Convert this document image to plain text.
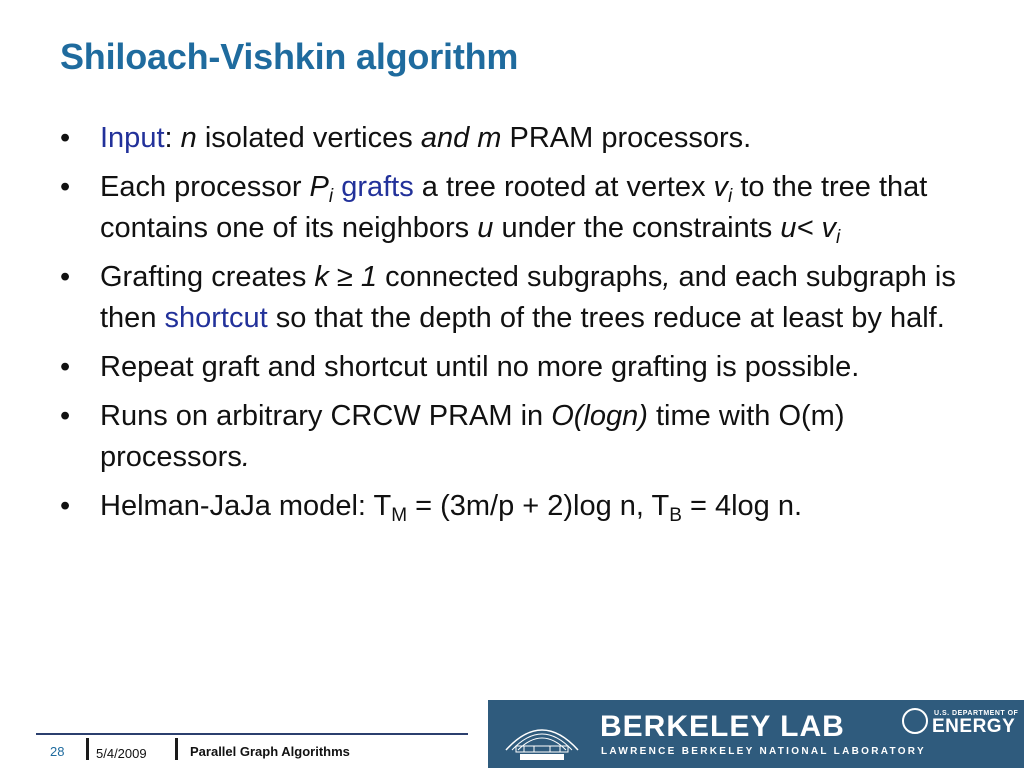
Shiloach-Vishkin algorithm
• Input: n isolated vertices and m PRAM processors.
• Each processor $P_i$ grafts a tree rooted at vertex $v_i$ to the tree that contains one of its neighbors u under the constraints $u< v_i$
• Grafting creates k ≥ 1 connected subgraphs, and each subgraph is then shortcut so that the depth of the trees reduce at least by half.
• Repeat graft and shortcut until no more grafting is possible.
• Runs on arbitrary CRCW PRAM in O(logn) time with O(m) processors.
• Helman-JaJa model: $T_M = (3m/p + 2)\log$ n, $T_B = 4\log$ n.
28 5/4/2009	Parallel Graph Algorithms
BERKELEY LAB
LAWRENCE BERKELEY NATIONAL LABORATORY
U.S. DEPARTMENT OF
ENERGY
